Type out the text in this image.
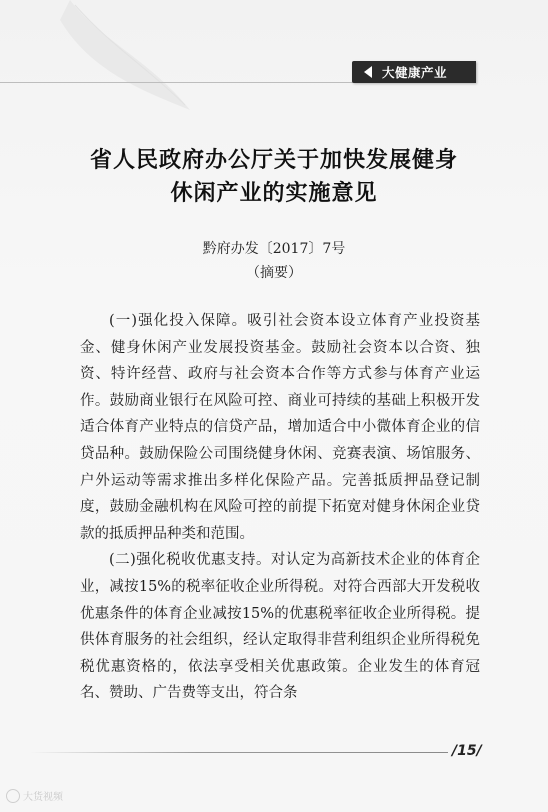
大健康产业
省人民政府办公厅关于加快发展健身
休闲产业的实施意见
黔府办发〔2017〕7号
（摘要）

(一)强化投入保障。吸引社会资本设立体育产业投资基金、健身休闲产业发展投资基金。鼓励社会资本以合资、独资、特许经营、政府与社会资本合作等方式参与体育产业运作。鼓励商业银行在风险可控、商业可持续的基础上积极开发适合体育产业特点的信贷产品，增加适合中小微体育企业的信贷品种。鼓励保险公司围绕健身休闲、竞赛表演、场馆服务、户外运动等需求推出多样化保险产品。完善抵质押品登记制度，鼓励金融机构在风险可控的前提下拓宽对健身休闲企业贷款的抵质押品种类和范围。

(二)强化税收优惠支持。对认定为高新技术企业的体育企业，减按15%的税率征收企业所得税。对符合西部大开发税收优惠条件的体育企业减按15%的优惠税率征收企业所得税。提供体育服务的社会组织，经认定取得非营利组织企业所得税免税优惠资格的，依法享受相关优惠政策。企业发生的体育冠名、赞助、广告费等支出，符合条

/15/
大货视频
